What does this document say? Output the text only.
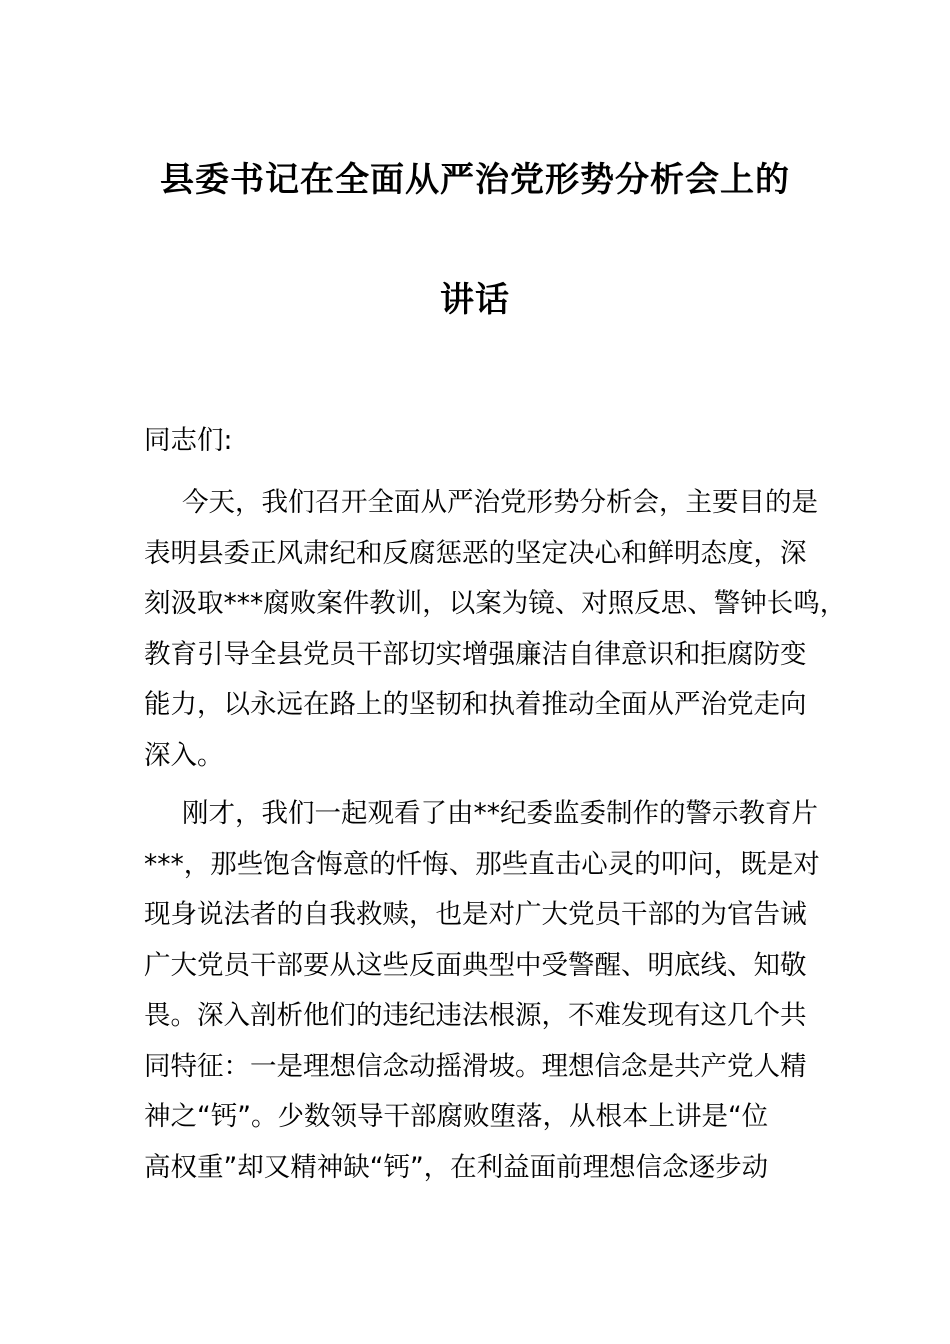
县委书记在全面从严治党形势分析会上的
讲话
同志们:
今天，我们召开全面从严治党形势分析会，主要目的是
表明县委正风肃纪和反腐惩恶的坚定决心和鲜明态度，深
刻汲取***腐败案件教训，以案为镜、对照反思、警钟长鸣，
教育引导全县党员干部切实增强廉洁自律意识和拒腐防变
能力，以永远在路上的坚韧和执着推动全面从严治党走向
深入。
刚才，我们一起观看了由**纪委监委制作的警示教育片
***，那些饱含悔意的忏悔、那些直击心灵的叩问，既是对
现身说法者的自我救赎，也是对广大党员干部的为官告诫
广大党员干部要从这些反面典型中受警醒、明底线、知敬
畏。深入剖析他们的违纪违法根源，不难发现有这几个共
同特征：一是理想信念动摇滑坡。理想信念是共产党人精
神之“钙”。少数领导干部腐败堕落，从根本上讲是“位
高权重”却又精神缺“钙”，在利益面前理想信念逐步动
